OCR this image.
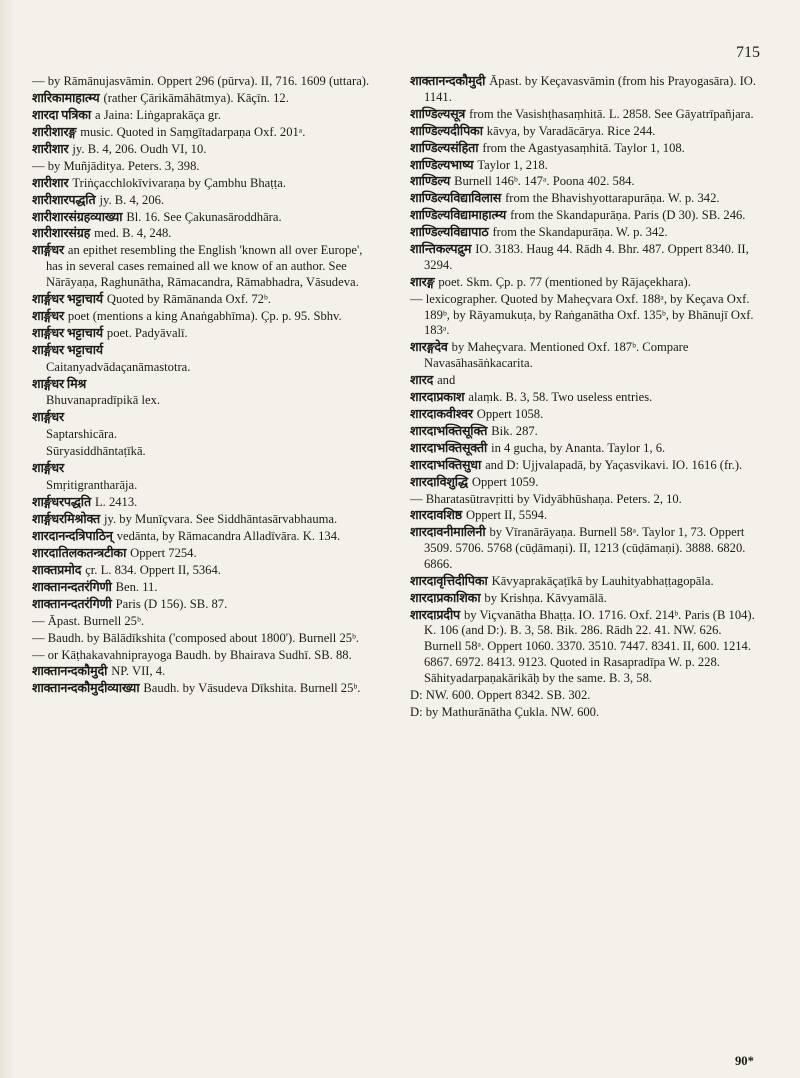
715
— by Rāmānujasvāmin. Oppert 296 (pūrva). II, 716. 1609 (uttara).
शारिकामाहात्म्य (rather Çārikāmāhātmya). Kāçīn. 12.
शारदा पत्रिका a Jaina: Liṅgaprakāça gr.
शारीशारङ्ग music. Quoted in Saṃgītadarpaṇa Oxf. 201ᵃ.
शारीशार jy. B. 4, 206. Oudh VI, 10.
— by Muñjāditya. Peters. 3, 398.
शारीशार Triṅçacchlokīvivaraṇa by Çambhu Bhaṭṭa.
शारीशारपद्धति jy. B. 4, 206.
शारीशारसंग्रहव्याख्या Bl. 16. See Çakunasāroddhāra.
शारीशारसंग्रह med. B. 4, 248.
शार्ङ्गधर an epithet resembling the English 'known all over Europe', has in several cases remained all we know of an author. See Nārāyaṇa, Raghunātha, Rāmacandra, Rāmabhadra, Vāsudeva.
शार्ङ्गधर भट्टाचार्य Quoted by Rāmānanda Oxf. 72ᵇ.
शार्ङ्गधर poet (mentions a king Anaṅgabhīma). Çp. p. 95. Sbhv.
शार्ङ्गधर भट्टाचार्य poet. Padyāvalī.
शार्ङ्गधर भट्टाचार्य
Caitanyadvādaçanāmastotra.
शार्ङ्गधर मिश्र
Bhuvanapradīpikā lex.
शार्ङ्गधर
Saptarshicāra.
Sūryasiddhāntaṭīkā.
शार्ङ्गधर
Smṛitigrantharāja.
शार्ङ्गधरपद्धति L. 2413.
शार्ङ्गधरमिश्रोक्त jy. by Munīçvara. See Siddhāntasārvabhauma.
शारदानन्दत्रिपाठिन् vedānta, by Rāmacandra Alladīvāra. K. 134.
शारदातिलकतन्त्रटीका Oppert 7254.
शाक्तप्रमोद çr. L. 834. Oppert II, 5364.
शाक्तानन्दतरंगिणी Ben. 11.
शाक्तानन्दतरंगिणी Paris (D 156). SB. 87.
— Āpast. Burnell 25ᵇ.
— Baudh. by Bālādīkshita ('composed about 1800'). Burnell 25ᵇ.
— or Kāṭhakavahniprayoga Baudh. by Bhairava Sudhī. SB. 88.
शाक्तानन्दकौमुदी NP. VII, 4.
शाक्तानन्दकौमुदीव्याख्या Baudh. by Vāsudeva Dīkshita. Burnell 25ᵇ.
शाक्तानन्दकौमुदी Āpast. by Keçavasvāmin (from his Prayogasāra). IO. 1141.
शाण्डिल्यसूत्र from the Vasishṭhasaṃhitā. L. 2858. See Gāyatrīpañjara.
शाण्डिल्यदीपिका kāvya, by Varadācārya. Rice 244.
शाण्डिल्यसंहिता from the Agastyasaṃhitā. Taylor 1, 108.
शाण्डिल्यभाष्य Taylor 1, 218.
शाण्डिल्य Burnell 146ᵇ. 147ᵃ. Poona 402. 584.
शाण्डिल्यविद्याविलास from the Bhavishyottarapurāṇa. W. p. 342.
शाण्डिल्यविद्यामाहात्म्य from the Skandapurāṇa. Paris (D 30). SB. 246.
शाण्डिल्यविद्यापाठ from the Skandapurāṇa. W. p. 342.
शान्तिकल्पद्रुम IO. 3183. Haug 44. Rādh 4. Bhr. 487. Oppert 8340. II, 3294.
शारङ्ग poet. Skm. Çp. p. 77 (mentioned by Rājaçekhara).
— lexicographer. Quoted by Maheçvara Oxf. 188ᵃ, by Keçava Oxf. 189ᵇ, by Rāyamukuṭa, by Raṅganātha Oxf. 135ᵇ, by Bhānujī Oxf. 183ᵃ.
शारङ्गदेव by Maheçvara. Mentioned Oxf. 187ᵇ. Compare Navasāhasāṅkacarita.
शारद and
शारदाप्रकाश alaṃk. B. 3, 58. Two useless entries.
शारदाकवीश्वर Oppert 1058.
शारदाभक्तिसूक्ति Bik. 287.
शारदाभक्तिसूक्ती in 4 gucha, by Ananta. Taylor 1, 6.
शारदाभक्तिसुधा and D: Ujjvalapadā, by Yaçasvikavi. IO. 1616 (fr.).
शारदाविशुद्धि Oppert 1059.
— Bharatasūtravṛitti by Vidyābhūshaṇa. Peters. 2, 10.
शारदावशिष्ठ Oppert II, 5594.
शारदावनीमालिनी by Vīranārāyaṇa. Burnell 58ᵃ. Taylor 1, 73. Oppert 3509. 5706. 5768 (cūḍāmaṇi). II, 1213 (cūḍāmaṇi). 3888. 6820. 6866.
शारदावृत्तिदीपिका Kāvyaprakāçaṭīkā by Lauhityabhaṭṭagopāla.
शारदाप्रकाशिका by Krishṇa. Kāvyamālā.
शारदाप्रदीप by Viçvanātha Bhaṭṭa. IO. 1716. Oxf. 214ᵇ. Paris (B 104). K. 106 (and D:). B. 3, 58. Bik. 286. Rādh 22. 41. NW. 626. Burnell 58ᵃ. Oppert 1060. 3370. 3510. 7447. 8341. II, 600. 1214. 6867. 6972. 8413. 9123. Quoted in Rasapradīpa W. p. 228. Sāhityadarpaṇakārikāḥ by the same. B. 3, 58.
D: NW. 600. Oppert 8342. SB. 302.
D: by Mathurānātha Çukla. NW. 600.
90*
